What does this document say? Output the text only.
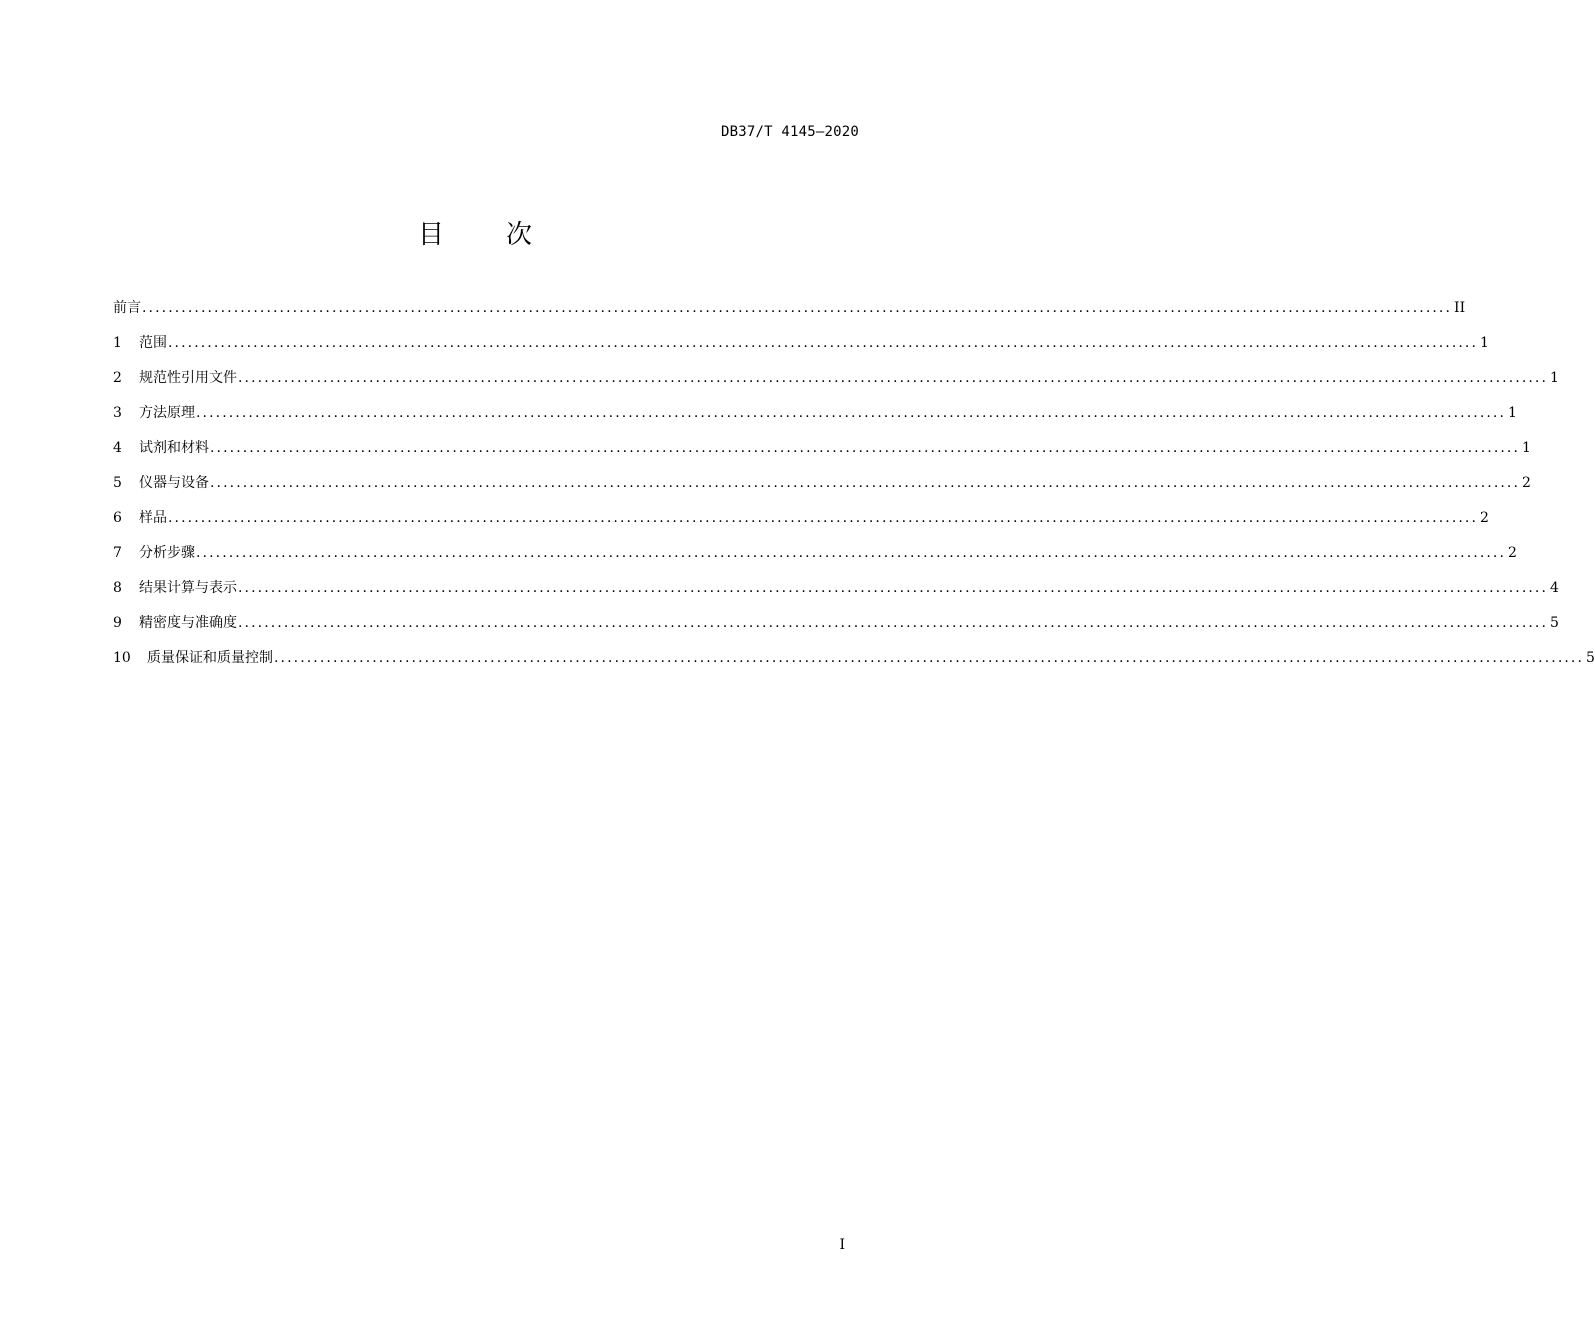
DB37/T 4145—2020
目 次
前言 ........................................................................................................................................................................................................ II
1	范围 ........................................................................................................................................................................................................ 1
2	规范性引用文件 ........................................................................................................................................................................................................ 1
3	方法原理 ........................................................................................................................................................................................................ 1
4	试剂和材料 ........................................................................................................................................................................................................ 1
5	仪器与设备 ........................................................................................................................................................................................................ 2
6	样品 ........................................................................................................................................................................................................ 2
7	分析步骤 ........................................................................................................................................................................................................ 2
8	结果计算与表示 ........................................................................................................................................................................................................ 4
9	精密度与准确度 ........................................................................................................................................................................................................ 5
10	质量保证和质量控制 ........................................................................................................................................................................................................ 5
I
